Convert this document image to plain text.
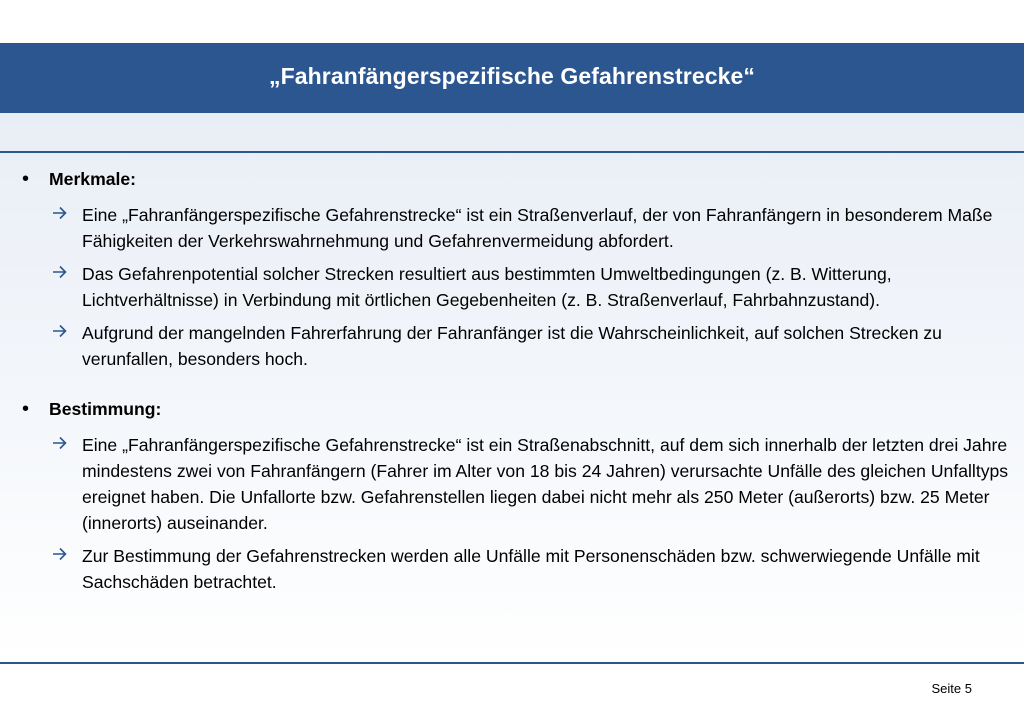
„Fahranfängerspezifische Gefahrenstrecke“
• Merkmale:
Eine „Fahranfängerspezifische Gefahrenstrecke“ ist ein Straßenverlauf, der von Fahranfängern in besonderem Maße Fähigkeiten der Verkehrswahrnehmung und Gefahrenvermeidung abfordert.
Das Gefahrenpotential solcher Strecken resultiert aus bestimmten Umweltbedingungen (z. B. Witterung, Lichtverhältnisse) in Verbindung mit örtlichen Gegebenheiten (z. B. Straßenverlauf, Fahrbahnzustand).
Aufgrund der mangelnden Fahrerfahrung der Fahranfänger ist die Wahrscheinlichkeit, auf solchen Strecken zu verunfallen, besonders hoch.
• Bestimmung:
Eine „Fahranfängerspezifische Gefahrenstrecke“ ist ein Straßenabschnitt, auf dem sich innerhalb der letzten drei Jahre mindestens zwei von Fahranfängern (Fahrer im Alter von 18 bis 24 Jahren) verursachte Unfälle des gleichen Unfalltyps ereignet haben. Die Unfallorte bzw. Gefahrenstellen liegen dabei nicht mehr als 250 Meter (außerorts) bzw. 25 Meter (innerorts) auseinander.
Zur Bestimmung der Gefahrenstrecken werden alle Unfälle mit Personenschäden bzw. schwerwiegende Unfälle mit Sachschäden betrachtet.
Seite 5
